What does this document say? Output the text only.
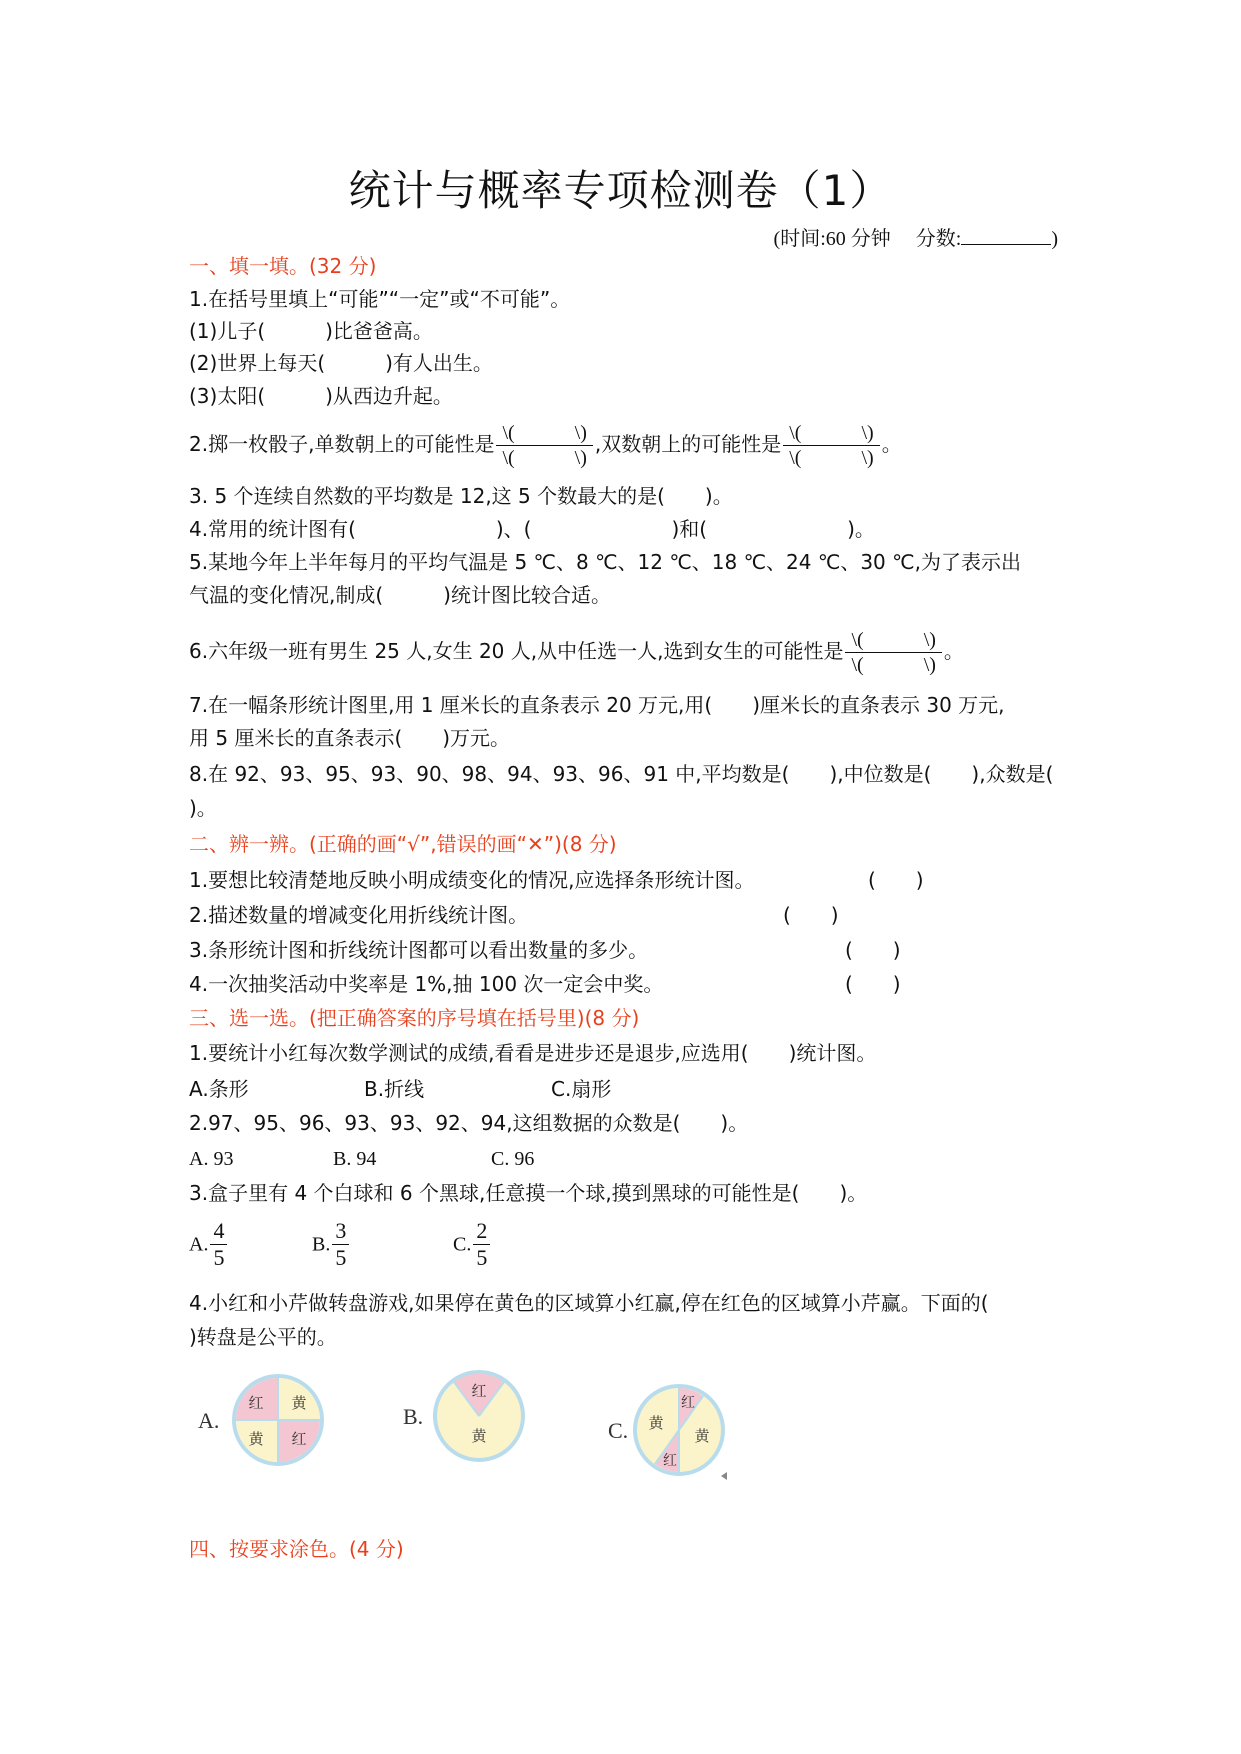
统计与概率专项检测卷（1）
(时间:60 分钟　 分数:	)
一、填一填。(32 分)
1.在括号里填上“可能”“一定”或“不可能”。
(1)儿子(　　　)比爸爸高。
(2)世界上每天(　　　)有人出生。
(3)太阳(　　　)从西边升起。
2.掷一枚骰子,单数朝上的可能性是 $\frac{\backslash( \backslash)}{\backslash( \backslash)}$ ,双数朝上的可能性是 $\frac{\backslash( \backslash)}{\backslash( \backslash)}$ 。
3. 5 个连续自然数的平均数是 12,这 5 个数最大的是(　　)。
4.常用的统计图有(　　　　　　　)、(　　　　　　　)和(　　　　　　　)。
5.某地今年上半年每月的平均气温是 5 ℃、8 ℃、12 ℃、18 ℃、24 ℃、30 ℃,为了表示出
气温的变化情况,制成(　　　)统计图比较合适。
6.六年级一班有男生 25 人,女生 20 人,从中任选一人,选到女生的可能性是 $\frac{\backslash( \backslash)}{\backslash( \backslash)}$ 。
7.在一幅条形统计图里,用 1 厘米长的直条表示 20 万元,用(　　)厘米长的直条表示 30 万元,
用 5 厘米长的直条表示(　　)万元。
8.在 92、93、95、93、90、98、94、93、96、91 中,平均数是(　　),中位数是(　　),众数是(
)。
二、辨一辨。(正确的画“√”,错误的画“✕”)(8 分)
1.要想比较清楚地反映小明成绩变化的情况,应选择条形统计图。	(　　)
2.描述数量的增减变化用折线统计图。	(　　)
3.条形统计图和折线统计图都可以看出数量的多少。	(　　)
4.一次抽奖活动中奖率是 1%,抽 100 次一定会中奖。	(　　)
三、选一选。(把正确答案的序号填在括号里)(8 分)
1.要统计小红每次数学测试的成绩,看看是进步还是退步,应选用(　　)统计图。
A.条形	B.折线	C.扇形
2.97、95、96、93、93、92、94,这组数据的众数是(　　)。
A. 93	B. 94	C. 96
3.盒子里有 4 个白球和 6 个黑球,任意摸一个球,摸到黑球的可能性是(　　)。
A. $\frac{4}{5}$	B. $\frac{3}{5}$	C. $\frac{2}{5}$
4.小红和小芹做转盘游戏,如果停在黄色的区域算小红赢,停在红色的区域算小芹赢。下面的(
)转盘是公平的。
A.
红 黄
黄 红
B.
红
黄	C.
红
红
黄
黄
四、按要求涂色。(4 分)
